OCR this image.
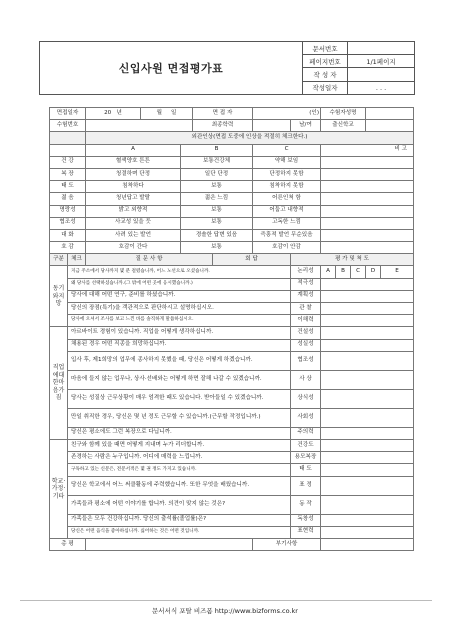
신입사원 면접평가표
문서번호	
페이지번호	1/1페이지
작 성 자	
작성일자	. . .
면접일자		20 년	월 일		면 접 자		(인)		수험자성명				
수험번호					최종학력			남/여	출신학교				
		외관인상(면접 도중에 인상을 적절히 체크한다.)											
		A		B			C		비 고				
건 강		혈색양호 튼튼		보통건강체			약해 보임						
복 장		청결하며 단정		일단 단정			단정하지 못함						
태 도		침착하다		보통			침착하지 못함						
젊 음		청년답고 발랄		젊은 느낌			어른인척 함						
명랑성		밝고 외향적		보통			어둡고 내향적						
협조성		사교성 있을 듯		보통			고독한 느낌						
대 화		사려 있는 발언		경솔한 답변 있음			즉흥적 발언 무순있음						
호 감		호감이 간다		보통			호감이 안감						
구분	체크	질 문 사 항				회 답		평 가 및 척 도					
동기와지망	지금 주소에서 당사까지 몇 분 걸렸습니까, 어느 노선으로 오셨습니까.							논리성	A	B	C	D	E
	왜 당사를 선택하셨습니까.(그 밖에 어떤 곳에 응시했습니까.)							적극성					
	당사에 대해 어떤 연구, 준비를 하셨습니까.							계획성					
	당신의 장점(특기)을 객관적으로 판단하시고 설명하십시오.							관 찰					
	당사에 오셔서 조사를 보고 느낀 바를 솔직하게 말씀하십시오.							이해력					
직업에대한마음가짐	아르바이트 경험이 있습니까. 직업을 어떻게 생각하십니까.							건설성					
	채용된 경우 어떤 직종을 희망하십니까.							성실성					
	입사 후, 제1희망의 업무에 종사하지 못했을 때, 당신은 어떻게 하겠습니까.							협조성					
	마음에 들지 않는 업무나, 상사·선배와는 어떻게 하면 잘해 나갈 수 있겠습니까.							사 상					
	당사는 성질상 근무상황이 매우 엄격한 때도 있습니다. 받아들일 수 있겠습니까.							상식성					
	만일 취직한 경우, 당신은 몇 년 정도 근무할 수 있습니까.(근무할 작정입니까.)							사회성					
	당신은 평소에도 그런 복장으로 다닙니까.							주의력					
학교·가정·기타	친구와 함께 있을 때면 어떻게 지내며 누가 리더합니까.							건강도					
	존경하는 사람은 누구입니까. 어디에 매력을 느낍니까.							용모복장					
	구독하고 있는 신문은, 전문서적은 몇 권 정도 가지고 있습니까.							태 도					
	당신은 학교에서 어느 써클활동에 주력했습니까. 또한 무엇을 배웠습니까.							표 정					
	가족들과 평소에 어떤 이야기를 합니까. 의견이 맞지 않는 것은?							동 작					
	가족들은 모두 건강하십니까. 당신의 출석률(졸업률)은?							독창성					
	당신은 어떤 음식을 좋아하십니까. 싫어하는 것은 어떤 것입니까.							표현력					
총 평							부기사항						
문서서식 포탈 비즈폼 http://www.bizforms.co.kr
